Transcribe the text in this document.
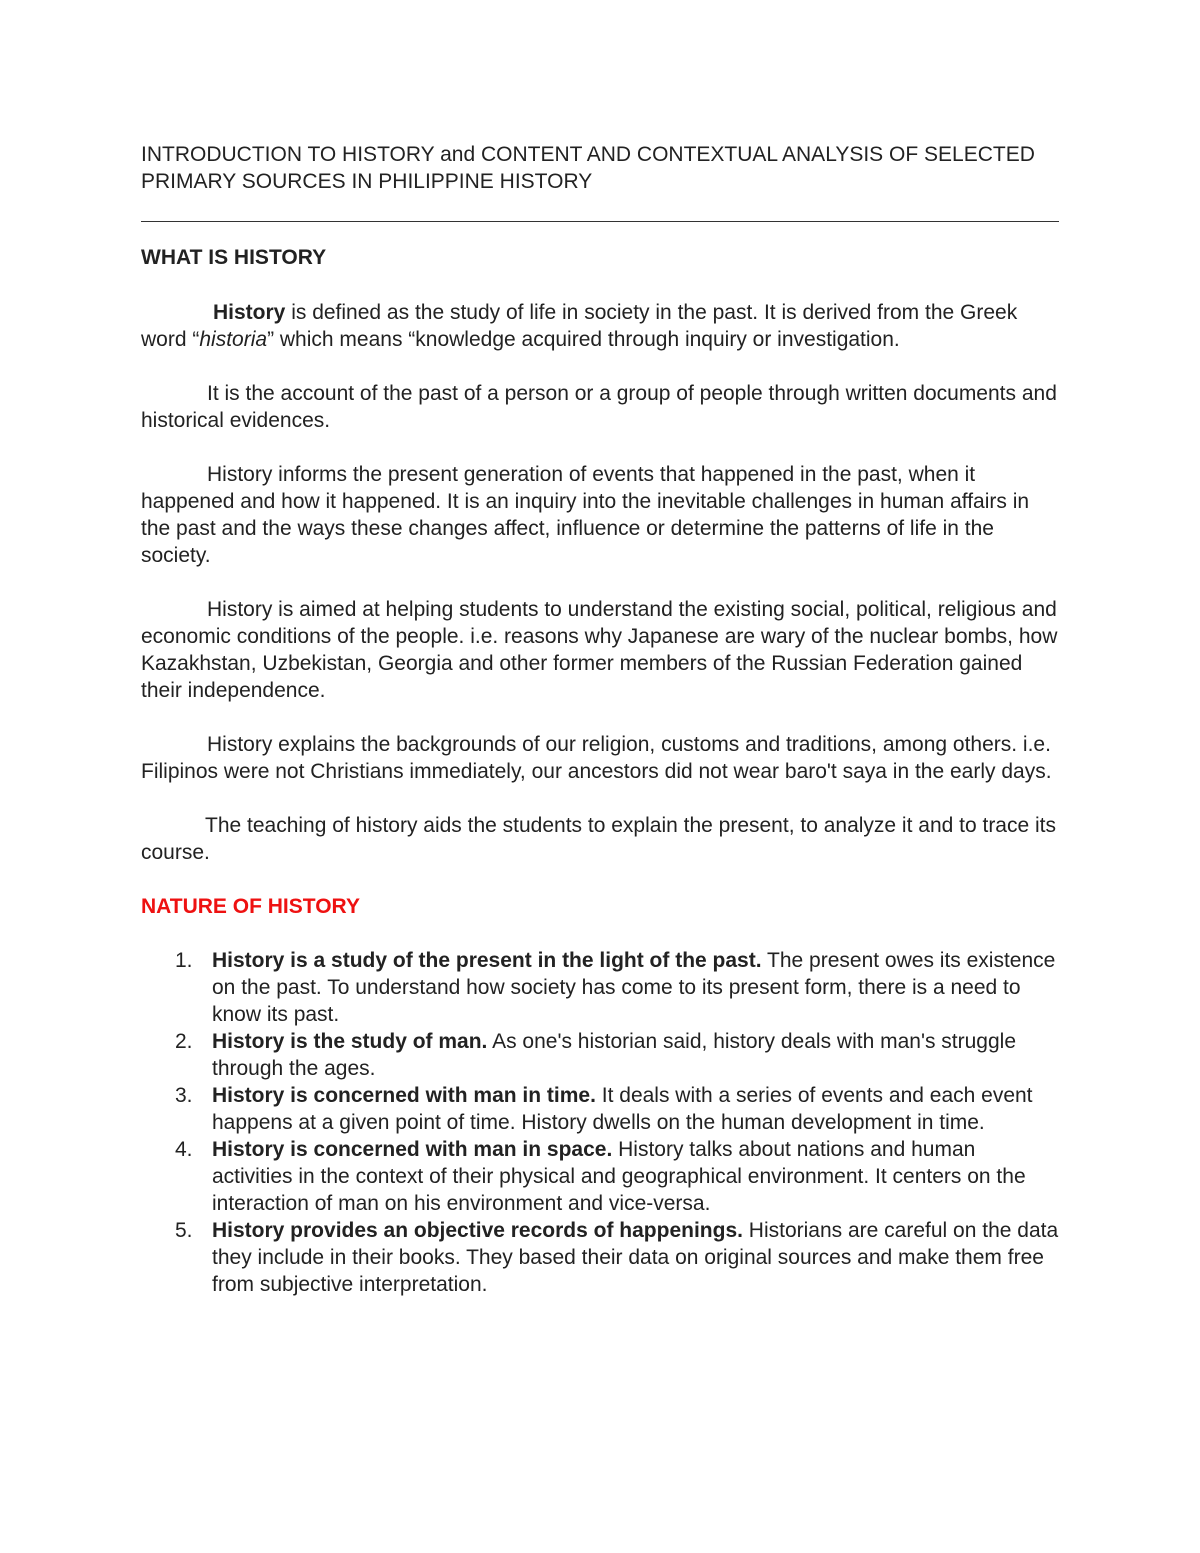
INTRODUCTION TO HISTORY and CONTENT AND CONTEXTUAL ANALYSIS OF SELECTED PRIMARY SOURCES IN PHILIPPINE HISTORY

WHAT IS HISTORY

History is defined as the study of life in society in the past. It is derived from the Greek word “historia” which means “knowledge acquired through inquiry or investigation.

It is the account of the past of a person or a group of people through written documents and historical evidences.

History informs the present generation of events that happened in the past, when it happened and how it happened. It is an inquiry into the inevitable challenges in human affairs in the past and the ways these changes affect, influence or determine the patterns of life in the society.

History is aimed at helping students to understand the existing social, political, religious and economic conditions of the people. i.e. reasons why Japanese are wary of the nuclear bombs, how Kazakhstan, Uzbekistan, Georgia and other former members of the Russian Federation gained their independence.

History explains the backgrounds of our religion, customs and traditions, among others. i.e. Filipinos were not Christians immediately, our ancestors did not wear baro't saya in the early days.

The teaching of history aids the students to explain the present, to analyze it and to trace its course.

NATURE OF HISTORY

1. History is a study of the present in the light of the past. The present owes its existence on the past. To understand how society has come to its present form, there is a need to know its past.
2. History is the study of man. As one's historian said, history deals with man's struggle through the ages.
3. History is concerned with man in time. It deals with a series of events and each event happens at a given point of time. History dwells on the human development in time.
4. History is concerned with man in space. History talks about nations and human activities in the context of their physical and geographical environment. It centers on the interaction of man on his environment and vice-versa.
5. History provides an objective records of happenings. Historians are careful on the data they include in their books. They based their data on original sources and make them free from subjective interpretation.
